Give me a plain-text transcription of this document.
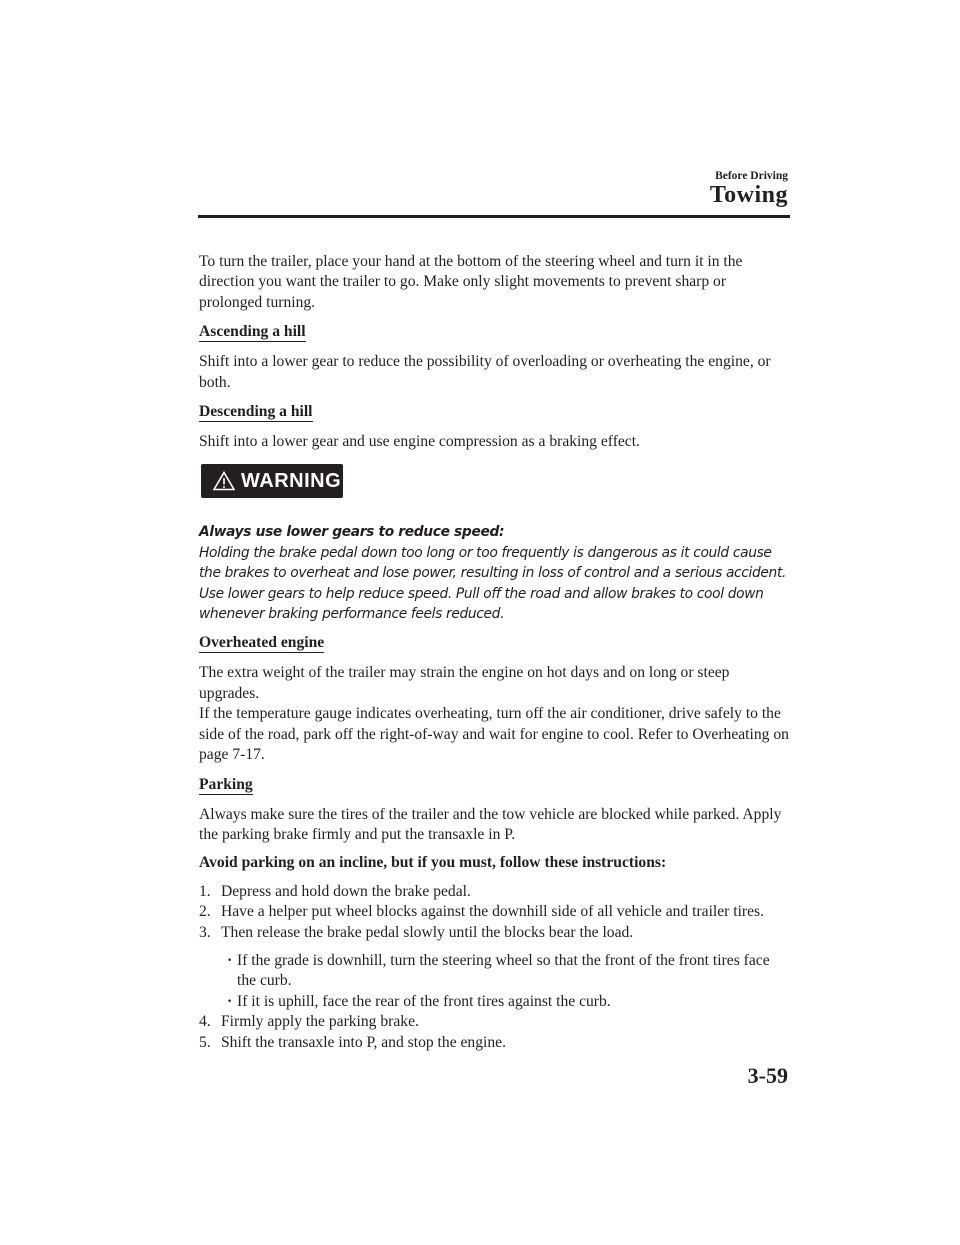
Before Driving
Towing

To turn the trailer, place your hand at the bottom of the steering wheel and turn it in the direction you want the trailer to go. Make only slight movements to prevent sharp or prolonged turning.

Ascending a hill

Shift into a lower gear to reduce the possibility of overloading or overheating the engine, or both.

Descending a hill

Shift into a lower gear and use engine compression as a braking effect.

WARNING

Always use lower gears to reduce speed:
Holding the brake pedal down too long or too frequently is dangerous as it could cause the brakes to overheat and lose power, resulting in loss of control and a serious accident. Use lower gears to help reduce speed. Pull off the road and allow brakes to cool down whenever braking performance feels reduced.

Overheated engine

The extra weight of the trailer may strain the engine on hot days and on long or steep upgrades.
If the temperature gauge indicates overheating, turn off the air conditioner, drive safely to the side of the road, park off the right-of-way and wait for engine to cool. Refer to Overheating on page 7-17.

Parking

Always make sure the tires of the trailer and the tow vehicle are blocked while parked. Apply the parking brake firmly and put the transaxle in P.

Avoid parking on an incline, but if you must, follow these instructions:

1. Depress and hold down the brake pedal.
2. Have a helper put wheel blocks against the downhill side of all vehicle and trailer tires.
3. Then release the brake pedal slowly until the blocks bear the load.
· If the grade is downhill, turn the steering wheel so that the front of the front tires face the curb.
· If it is uphill, face the rear of the front tires against the curb.
4. Firmly apply the parking brake.
5. Shift the transaxle into P, and stop the engine.
3-59
